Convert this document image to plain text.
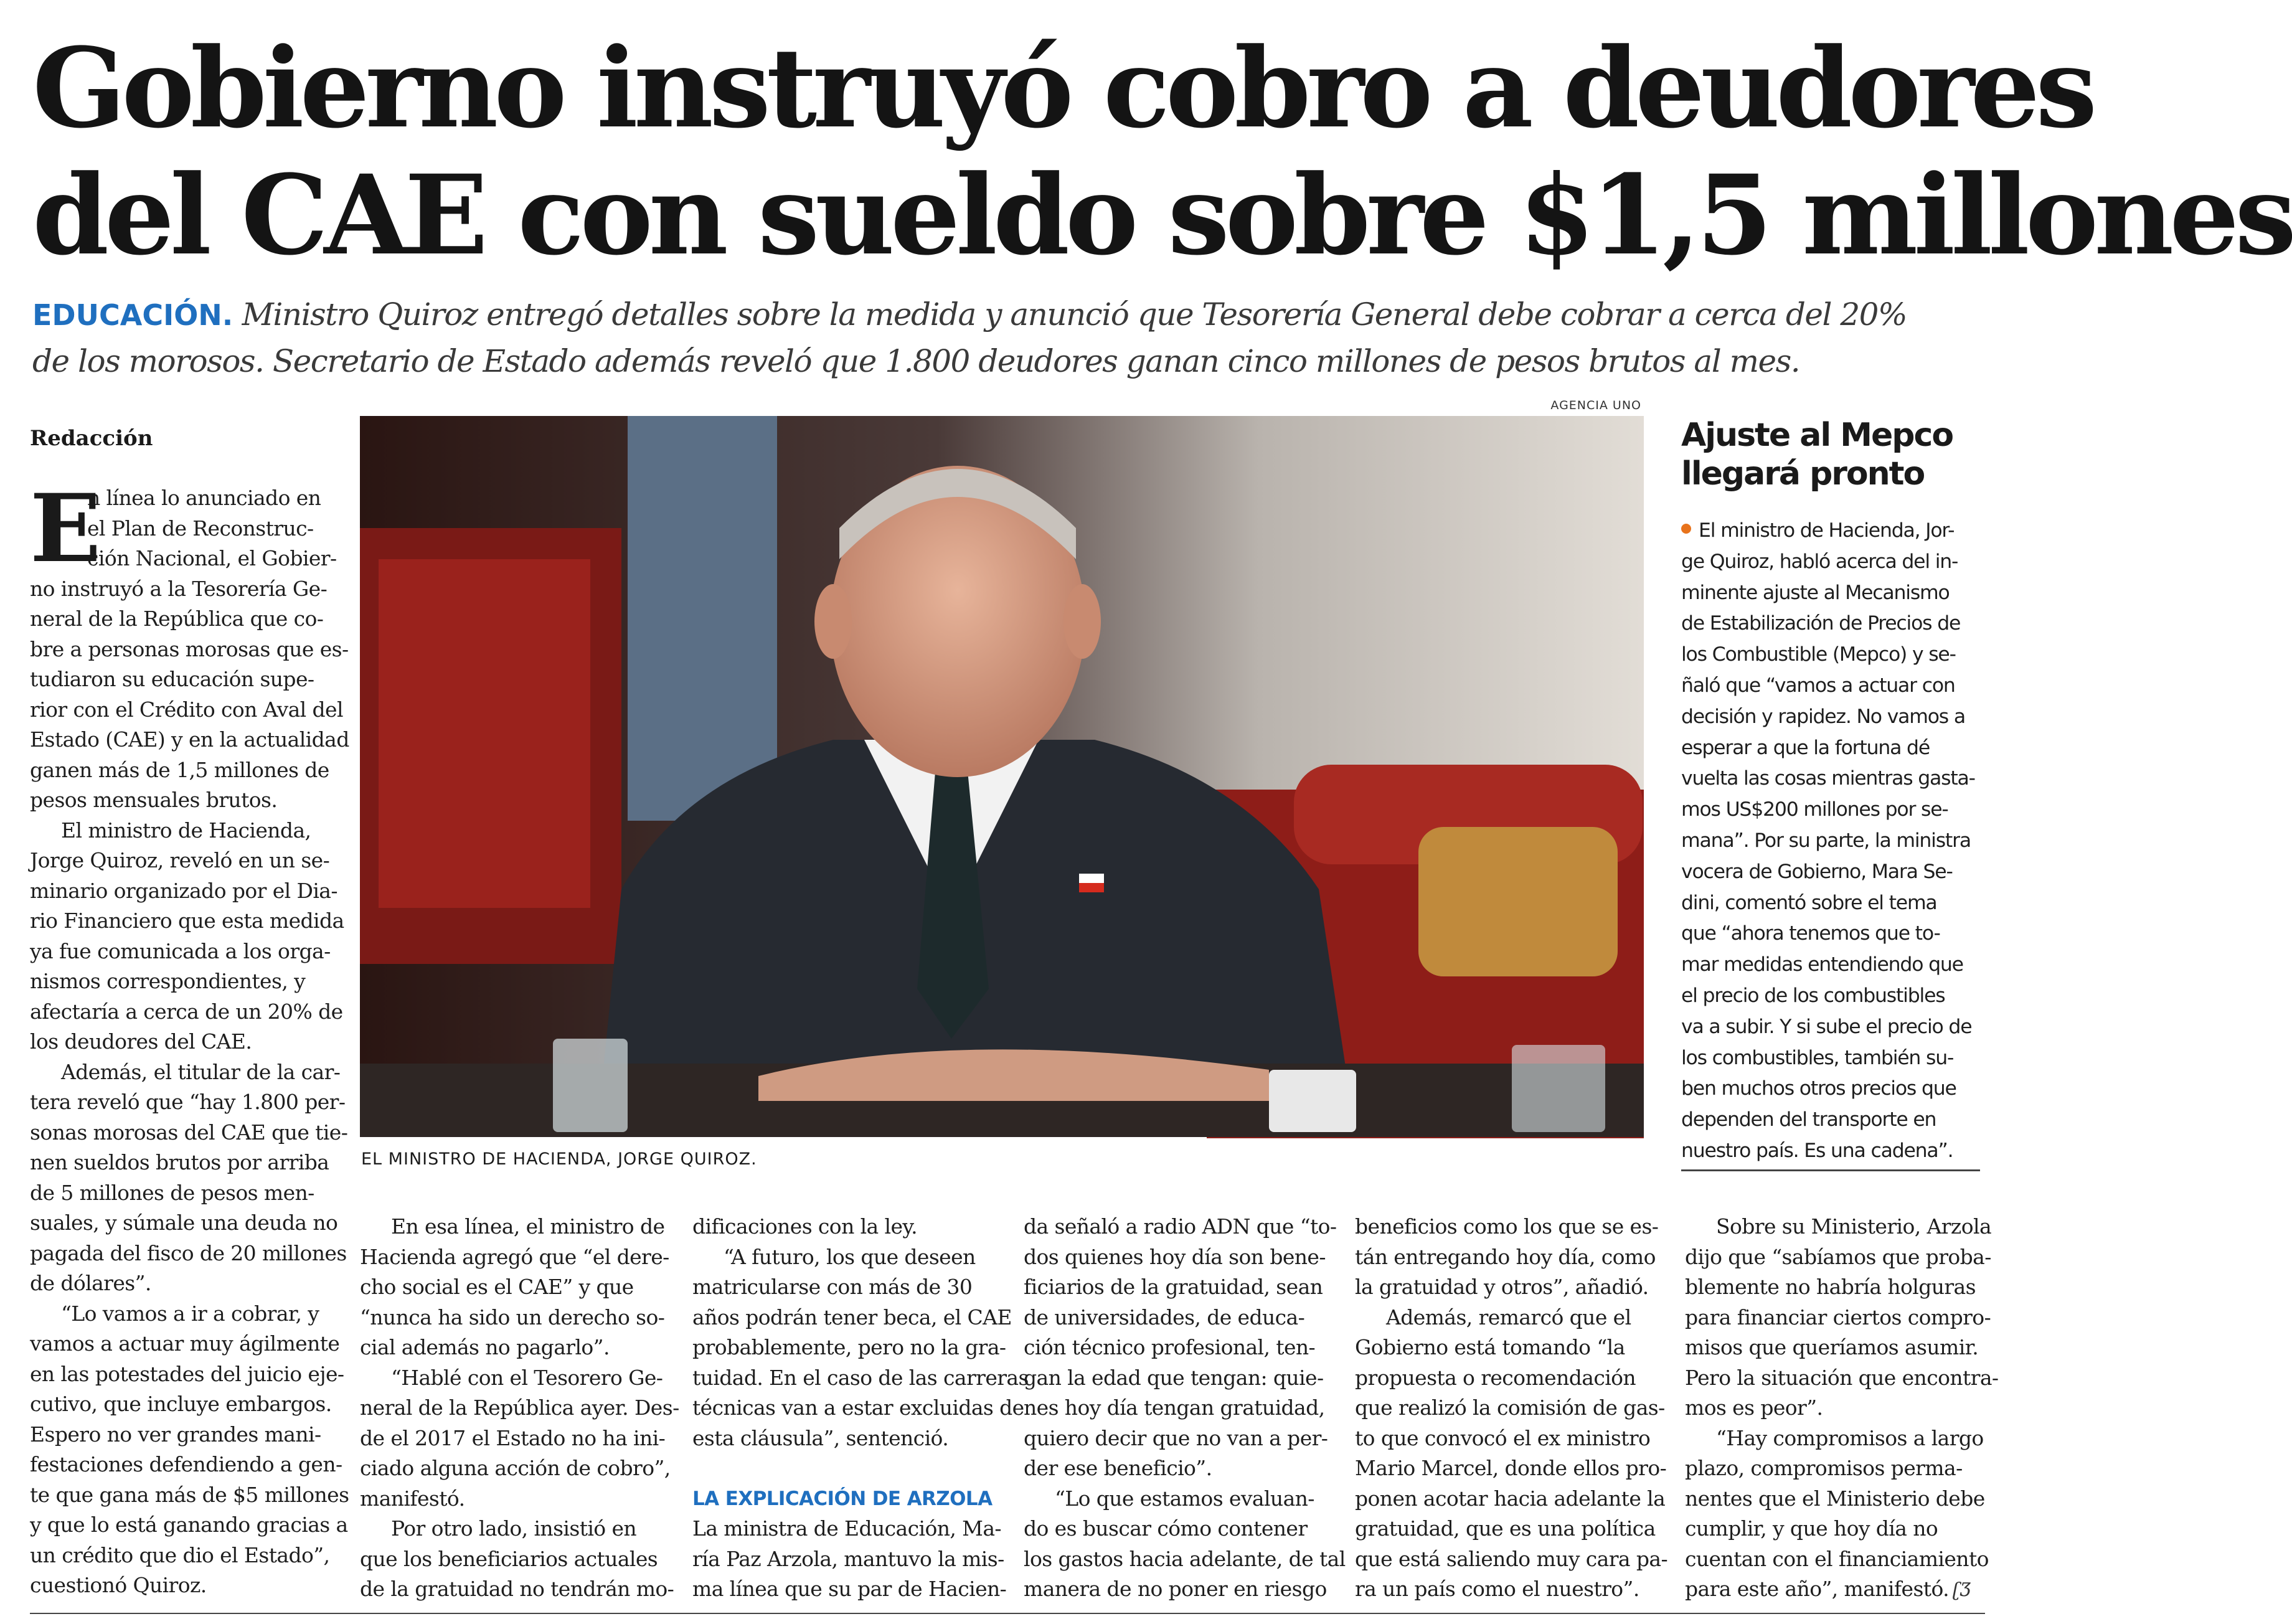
Gobierno instruyó cobro a deudores
del CAE con sueldo sobre $1,5 millones
EDUCACIÓN. Ministro Quiroz entregó detalles sobre la medida y anunció que Tesorería General debe cobrar a cerca del 20%
de los morosos. Secretario de Estado además reveló que 1.800 deudores ganan cinco millones de pesos brutos al mes.
Redacción
E
n línea lo anunciado en
el Plan de Reconstruc-
ción Nacional, el Gobier-
no instruyó a la Tesorería Ge-
neral de la República que co-
bre a personas morosas que es-
tudiaron su educación supe-
rior con el Crédito con Aval del
Estado (CAE) y en la actualidad
ganen más de 1,5 millones de
pesos mensuales brutos.
El ministro de Hacienda,
Jorge Quiroz, reveló en un se-
minario organizado por el Dia-
rio Financiero que esta medida
ya fue comunicada a los orga-
nismos correspondientes, y
afectaría a cerca de un 20% de
los deudores del CAE.
Además, el titular de la car-
tera reveló que “hay 1.800 per-
sonas morosas del CAE que tie-
nen sueldos brutos por arriba
de 5 millones de pesos men-
suales, y súmale una deuda no
pagada del fisco de 20 millones
de dólares”.
“Lo vamos a ir a cobrar, y
vamos a actuar muy ágilmente
en las potestades del juicio eje-
cutivo, que incluye embargos.
Espero no ver grandes mani-
festaciones defendiendo a gen-
te que gana más de $5 millones
y que lo está ganando gracias a
un crédito que dio el Estado”,
cuestionó Quiroz.
AGENCIA UNO
EL MINISTRO DE HACIENDA, JORGE QUIROZ.
Ajuste al Mepco
llegará pronto
El ministro de Hacienda, Jor-
ge Quiroz, habló acerca del in-
minente ajuste al Mecanismo
de Estabilización de Precios de
los Combustible (Mepco) y se-
ñaló que “vamos a actuar con
decisión y rapidez. No vamos a
esperar a que la fortuna dé
vuelta las cosas mientras gasta-
mos US$200 millones por se-
mana”. Por su parte, la ministra
vocera de Gobierno, Mara Se-
dini, comentó sobre el tema
que “ahora tenemos que to-
mar medidas entendiendo que
el precio de los combustibles
va a subir. Y si sube el precio de
los combustibles, también su-
ben muchos otros precios que
dependen del transporte en
nuestro país. Es una cadena”.
En esa línea, el ministro de
Hacienda agregó que “el dere-
cho social es el CAE” y que
“nunca ha sido un derecho so-
cial además no pagarlo”.
“Hablé con el Tesorero Ge-
neral de la República ayer. Des-
de el 2017 el Estado no ha ini-
ciado alguna acción de cobro”,
manifestó.
Por otro lado, insistió en
que los beneficiarios actuales
de la gratuidad no tendrán mo-
dificaciones con la ley.
“A futuro, los que deseen
matricularse con más de 30
años podrán tener beca, el CAE
probablemente, pero no la gra-
tuidad. En el caso de las carreras
técnicas van a estar excluidas de
esta cláusula”, sentenció.
LA EXPLICACIÓN DE ARZOLA
La ministra de Educación, Ma-
ría Paz Arzola, mantuvo la mis-
ma línea que su par de Hacien-
da señaló a radio ADN que “to-
dos quienes hoy día son bene-
ficiarios de la gratuidad, sean
de universidades, de educa-
ción técnico profesional, ten-
gan la edad que tengan: quie-
nes hoy día tengan gratuidad,
quiero decir que no van a per-
der ese beneficio”.
“Lo que estamos evaluan-
do es buscar cómo contener
los gastos hacia adelante, de tal
manera de no poner en riesgo
beneficios como los que se es-
tán entregando hoy día, como
la gratuidad y otros”, añadió.
Además, remarcó que el
Gobierno está tomando “la
propuesta o recomendación
que realizó la comisión de gas-
to que convocó el ex ministro
Mario Marcel, donde ellos pro-
ponen acotar hacia adelante la
gratuidad, que es una política
que está saliendo muy cara pa-
ra un país como el nuestro”.
Sobre su Ministerio, Arzola
dijo que “sabíamos que proba-
blemente no habría holguras
para financiar ciertos compro-
misos que queríamos asumir.
Pero la situación que encontra-
mos es peor”.
“Hay compromisos a largo
plazo, compromisos perma-
nentes que el Ministerio debe
cumplir, y que hoy día no
cuentan con el financiamiento
para este año”, manifestó. ʗƷ
